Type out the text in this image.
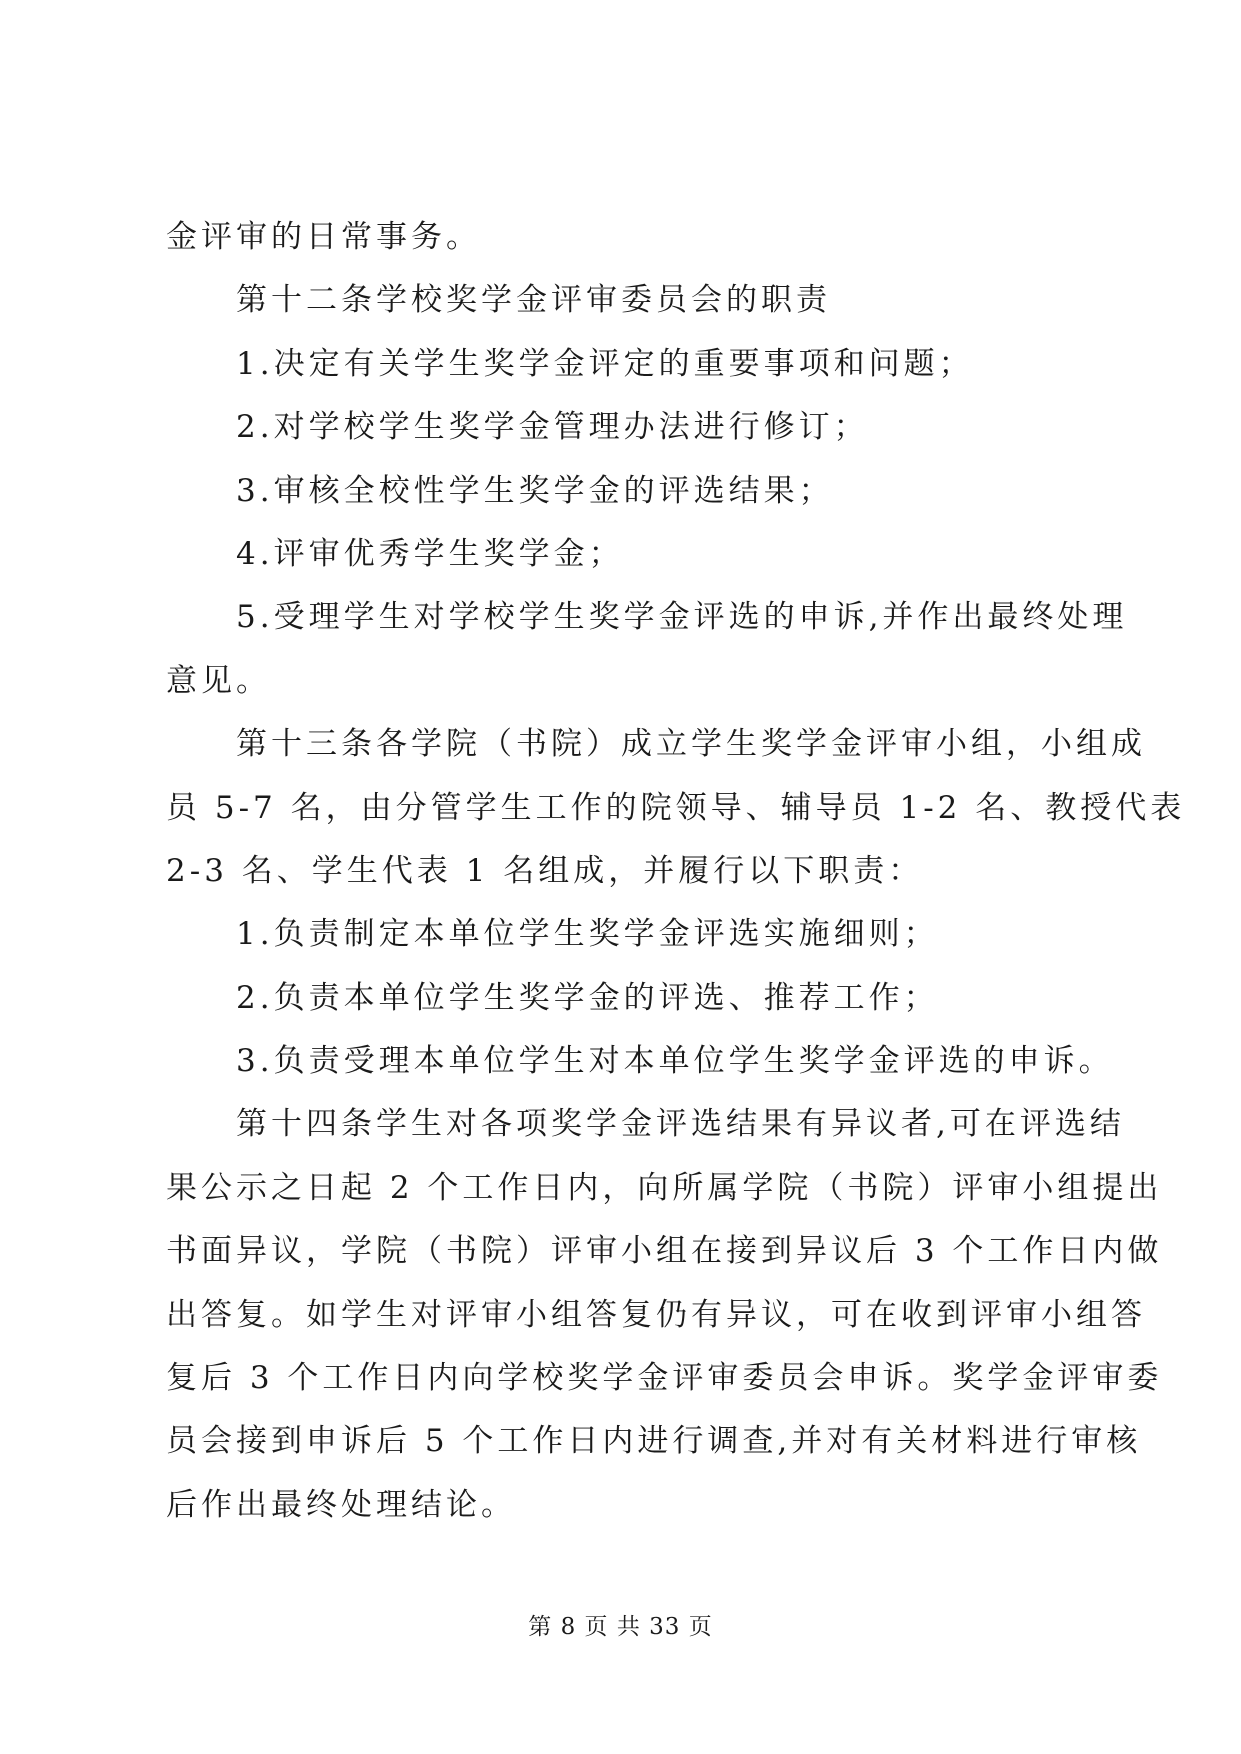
金评审的日常事务。
第十二条学校奖学金评审委员会的职责
1.决定有关学生奖学金评定的重要事项和问题；
2.对学校学生奖学金管理办法进行修订；
3.审核全校性学生奖学金的评选结果；
4.评审优秀学生奖学金；
5.受理学生对学校学生奖学金评选的申诉,并作出最终处理
意见。
第十三条各学院（书院）成立学生奖学金评审小组，小组成
员 5-7 名，由分管学生工作的院领导、辅导员 1-2 名、教授代表
2-3 名、学生代表 1 名组成，并履行以下职责：
1.负责制定本单位学生奖学金评选实施细则；
2.负责本单位学生奖学金的评选、推荐工作；
3.负责受理本单位学生对本单位学生奖学金评选的申诉。
第十四条学生对各项奖学金评选结果有异议者,可在评选结
果公示之日起 2 个工作日内，向所属学院（书院）评审小组提出
书面异议，学院（书院）评审小组在接到异议后 3 个工作日内做
出答复。如学生对评审小组答复仍有异议，可在收到评审小组答
复后 3 个工作日内向学校奖学金评审委员会申诉。奖学金评审委
员会接到申诉后 5 个工作日内进行调查,并对有关材料进行审核
后作出最终处理结论。
第 8 页 共 33 页
